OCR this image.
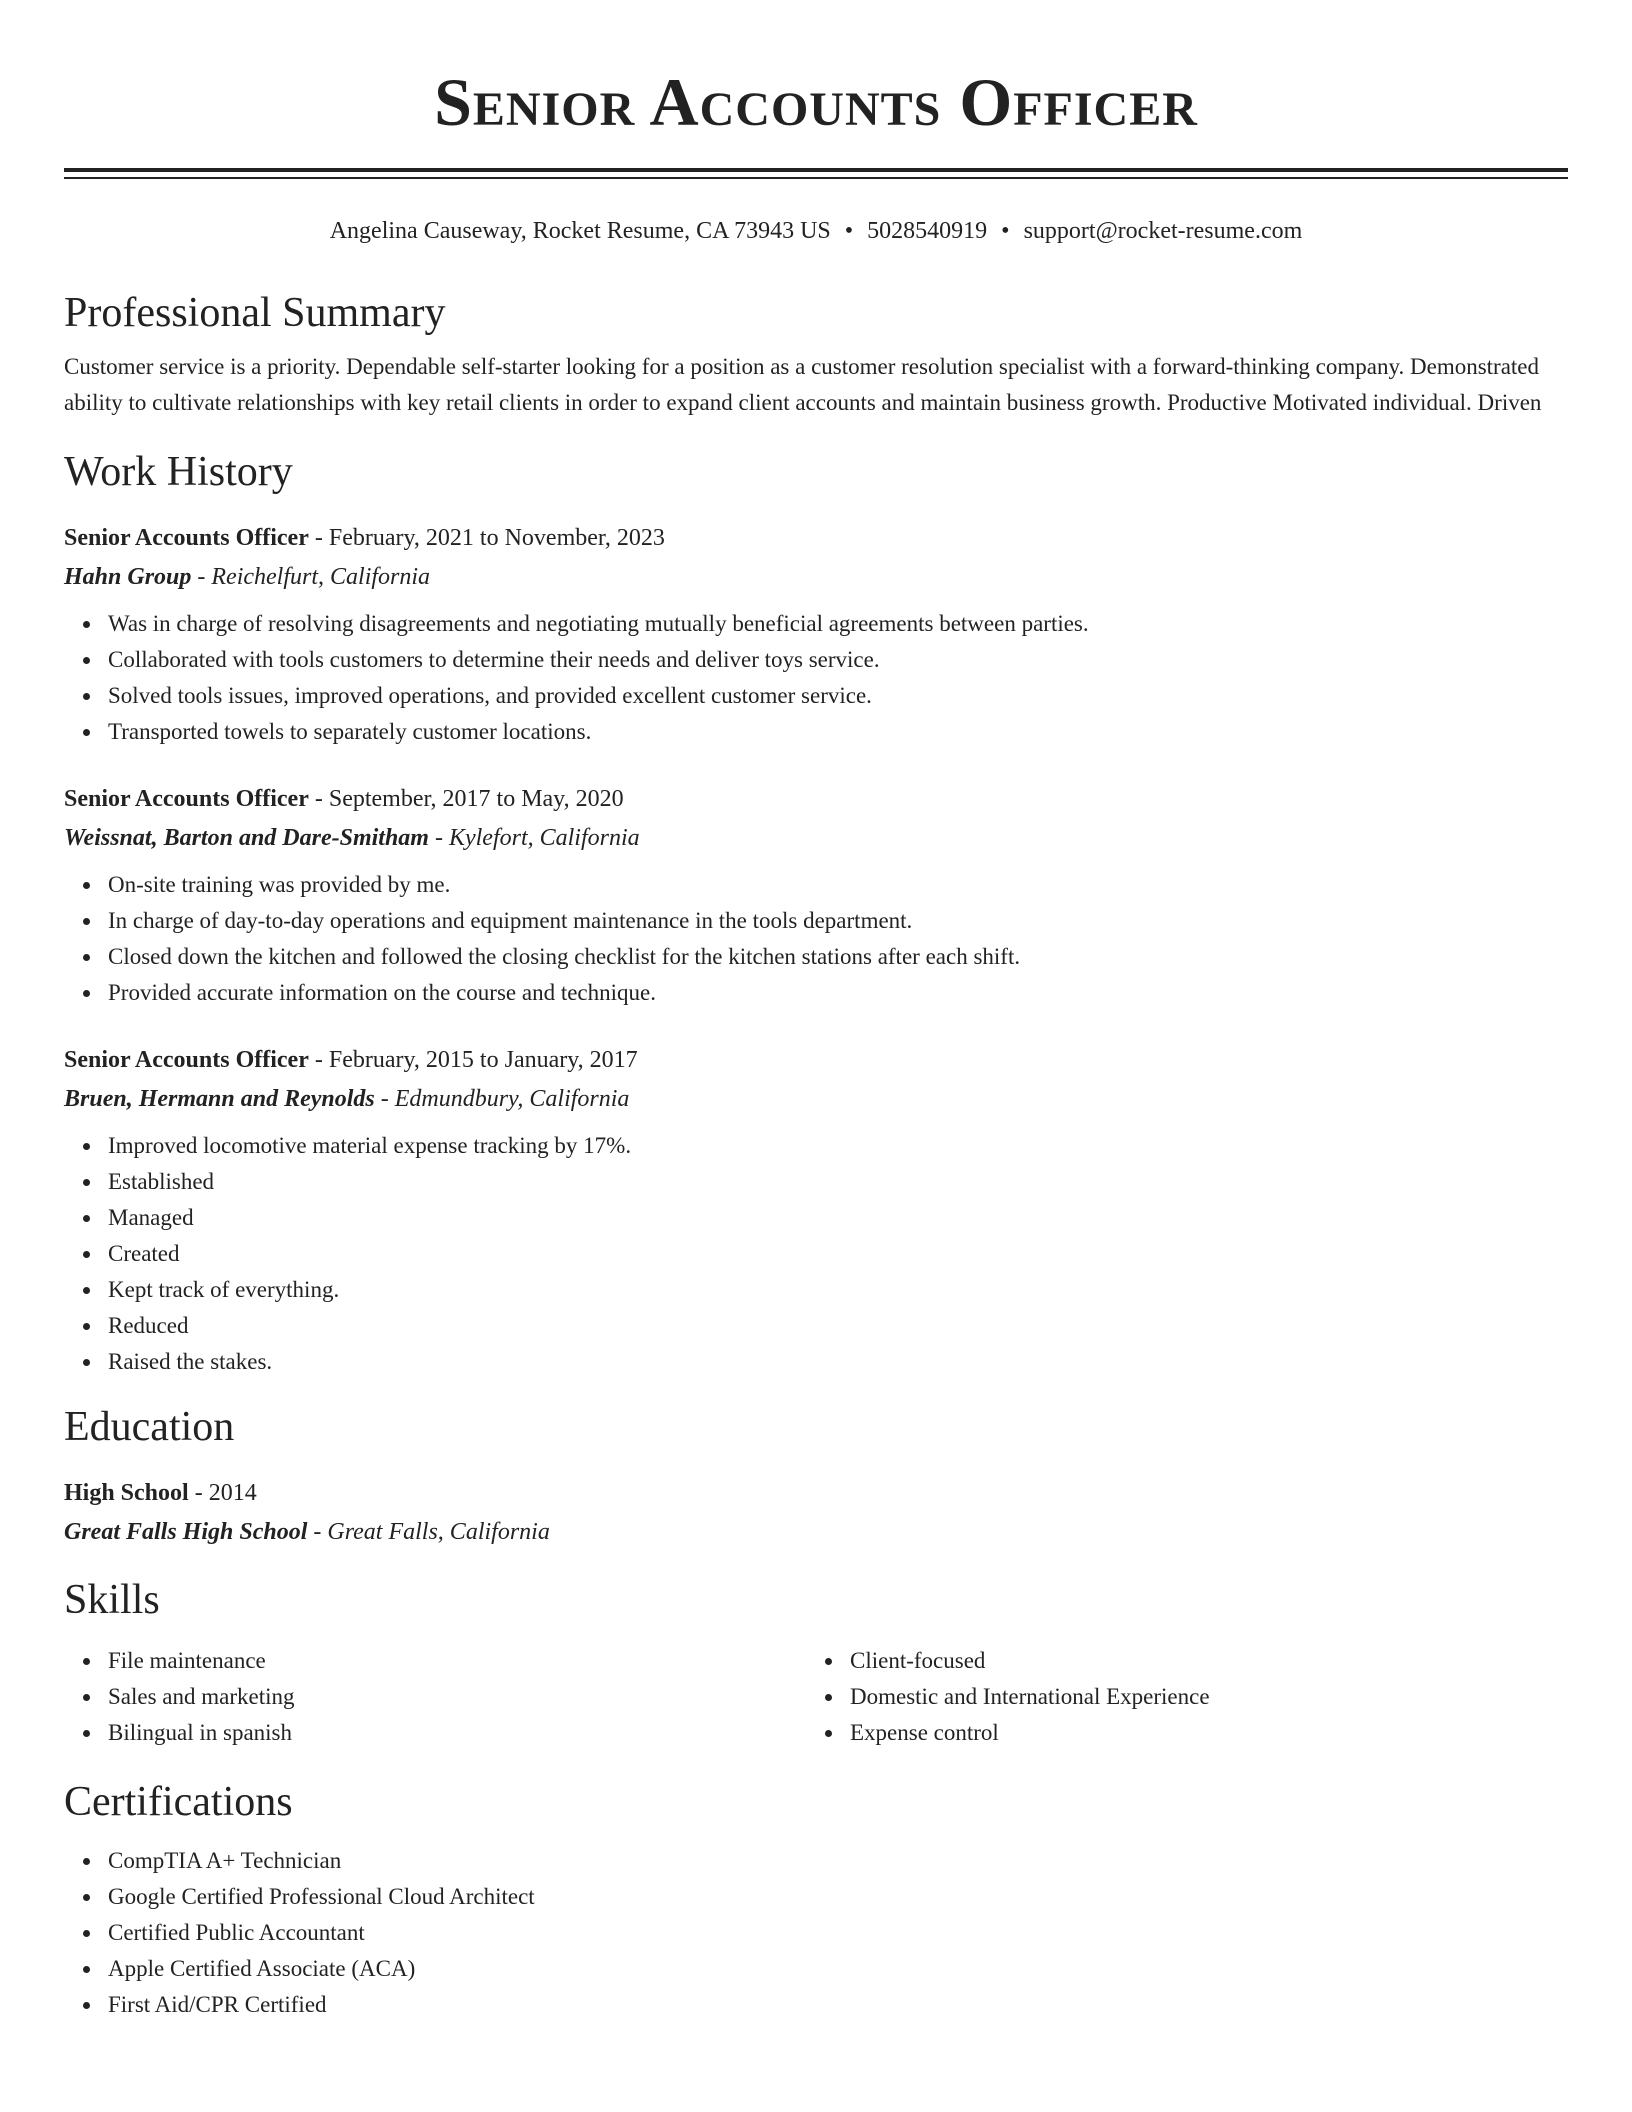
Senior Accounts Officer
Angelina Causeway, Rocket Resume, CA 73943 US • 5028540919 • support@rocket-resume.com
Professional Summary

Customer service is a priority. Dependable self-starter looking for a position as a customer resolution specialist with a forward-thinking company. Demonstrated ability to cultivate relationships with key retail clients in order to expand client accounts and maintain business growth. Productive Motivated individual. Driven

Work History
Senior Accounts Officer - February, 2021 to November, 2023
Hahn Group - Reichelfurt, California
Was in charge of resolving disagreements and negotiating mutually beneficial agreements between parties.
Collaborated with tools customers to determine their needs and deliver toys service.
Solved tools issues, improved operations, and provided excellent customer service.
Transported towels to separately customer locations.
Senior Accounts Officer - September, 2017 to May, 2020
Weissnat, Barton and Dare-Smitham - Kylefort, California
On-site training was provided by me.
In charge of day-to-day operations and equipment maintenance in the tools department.
Closed down the kitchen and followed the closing checklist for the kitchen stations after each shift.
Provided accurate information on the course and technique.
Senior Accounts Officer - February, 2015 to January, 2017
Bruen, Hermann and Reynolds - Edmundbury, California
Improved locomotive material expense tracking by 17%.
Established
Managed
Created
Kept track of everything.
Reduced
Raised the stakes.
Education
High School - 2014
Great Falls High School - Great Falls, California
Skills
File maintenance
Sales and marketing
Bilingual in spanish
Client-focused
Domestic and International Experience
Expense control
Certifications
CompTIA A+ Technician
Google Certified Professional Cloud Architect
Certified Public Accountant
Apple Certified Associate (ACA)
First Aid/CPR Certified
